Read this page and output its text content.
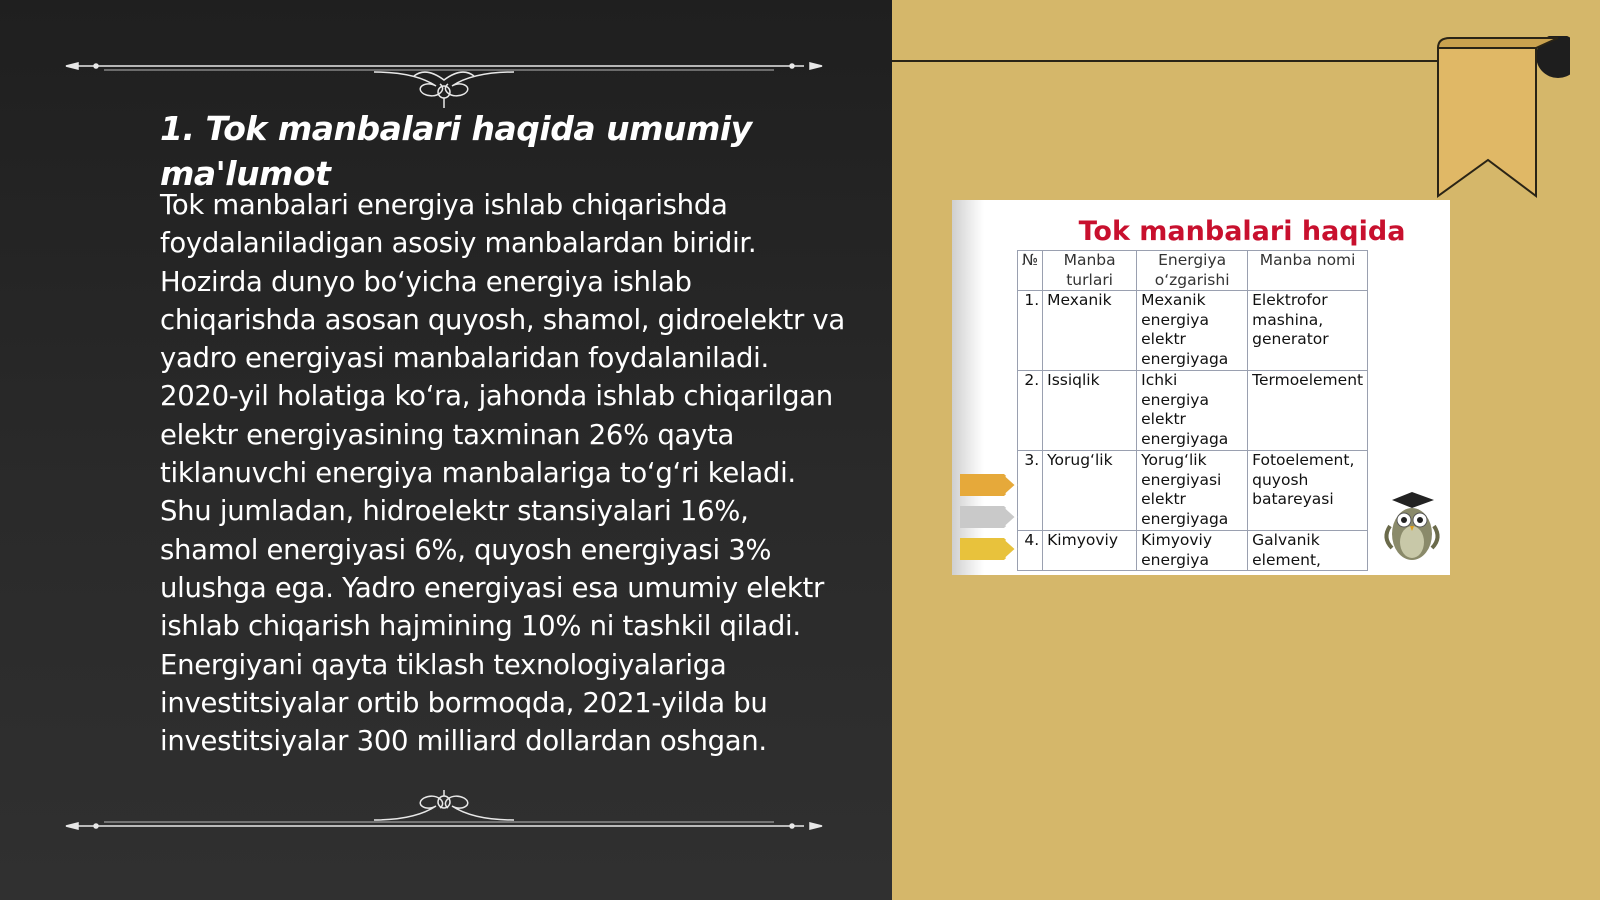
1. Tok manbalari haqida umumiy ma'lumot

Tok manbalari energiya ishlab chiqarishda foydalaniladigan asosiy manbalardan biridir. Hozirda dunyo bo‘yicha energiya ishlab chiqarishda asosan quyosh, shamol, gidroelektr va yadro energiyasi manbalaridan foydalaniladi. 2020-yil holatiga ko‘ra, jahonda ishlab chiqarilgan elektr energiyasining taxminan 26% qayta tiklanuvchi energiya manbalariga to‘g‘ri keladi. Shu jumladan, hidroelektr stansiyalari 16%, shamol energiyasi 6%, quyosh energiyasi 3% ulushga ega. Yadro energiyasi esa umumiy elektr ishlab chiqarish hajmining 10% ni tashkil qiladi. Energiyani qayta tiklash texnologiyalariga investitsiyalar ortib bormoqda, 2021-yilda bu investitsiyalar 300 milliard dollardan oshgan.

Tok manbalari haqida
№	Manba turlari	Energiya o‘zgarishi	Manba nomi
1.	Mexanik	Mexanik energiya elektr energiyaga	Elektrofor mashina, generator
2.	Issiqlik	Ichki energiya elektr energiyaga	Termoelement
3.	Yorug‘lik	Yorug‘lik energiyasi elektr energiyaga	Fotoelement, quyosh batareyasi
4.	Kimyoviy	Kimyoviy energiya	Galvanik element,
